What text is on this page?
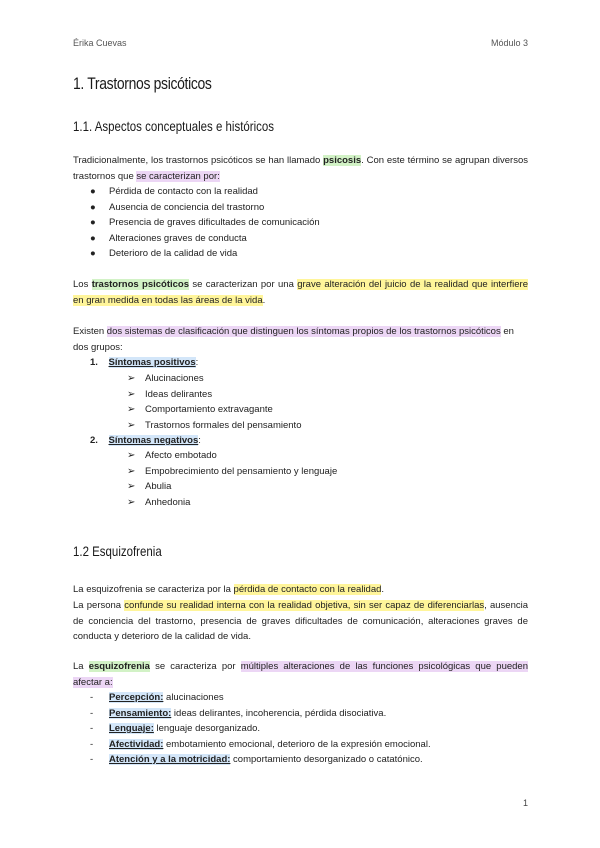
Érika Cuevas	Módulo 3
1. Trastornos psicóticos
1.1. Aspectos conceptuales e históricos
Tradicionalmente, los trastornos psicóticos se han llamado psicosis. Con este término se agrupan diversos trastornos que se caracterizan por:
● Pérdida de contacto con la realidad
● Ausencia de conciencia del trastorno
● Presencia de graves dificultades de comunicación
● Alteraciones graves de conducta
● Deterioro de la calidad de vida
Los trastornos psicóticos se caracterizan por una grave alteración del juicio de la realidad que interfiere en gran medida en todas las áreas de la vida.
Existen dos sistemas de clasificación que distinguen los síntomas propios de los trastornos psicóticos en dos grupos:
1. Síntomas positivos:
➢ Alucinaciones
➢ Ideas delirantes
➢ Comportamiento extravagante
➢ Trastornos formales del pensamiento
2. Síntomas negativos:
➢ Afecto embotado
➢ Empobrecimiento del pensamiento y lenguaje
➢ Abulia
➢ Anhedonia
1.2 Esquizofrenia
La esquizofrenia se caracteriza por la pérdida de contacto con la realidad.
La persona confunde su realidad interna con la realidad objetiva, sin ser capaz de diferenciarlas, ausencia de conciencia del trastorno, presencia de graves dificultades de comunicación, alteraciones graves de conducta y deterioro de la calidad de vida.
La esquizofrenia se caracteriza por múltiples alteraciones de las funciones psicológicas que pueden afectar a:
- Percepción: alucinaciones
- Pensamiento: ideas delirantes, incoherencia, pérdida disociativa.
- Lenguaje: lenguaje desorganizado.
- Afectividad: embotamiento emocional, deterioro de la expresión emocional.
- Atención y a la motricidad: comportamiento desorganizado o catatónico.
1
